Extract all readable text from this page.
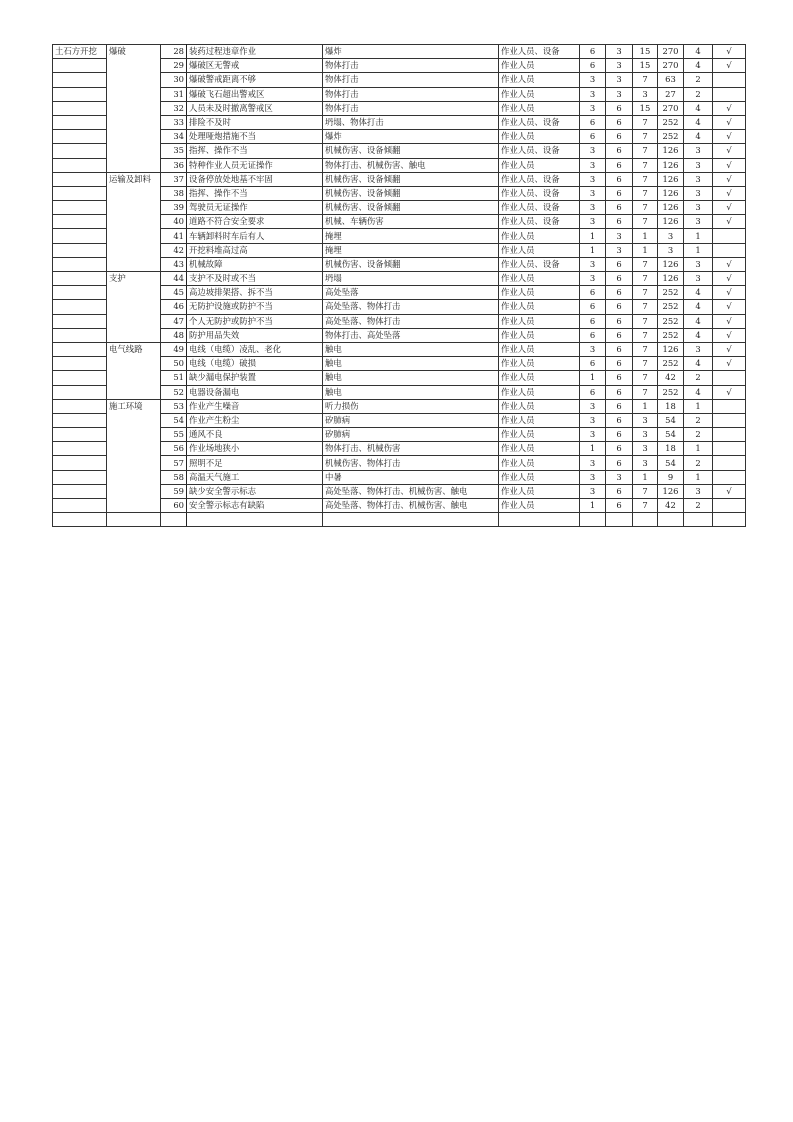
土石方开挖	爆破	28	装药过程违章作业	爆炸	作业人员、设备	6	3	15	270	4	√
		29	爆破区无警戒	物体打击	作业人员	6	3	15	270	4	√
		30	爆破警戒距离不够	物体打击	作业人员	3	3	7	63	2	
		31	爆破飞石超出警戒区	物体打击	作业人员	3	3	3	27	2	
		32	人员未及时撤离警戒区	物体打击	作业人员	3	6	15	270	4	√
		33	排险不及时	坍塌、物体打击	作业人员、设备	6	6	7	252	4	√
		34	处理哑炮措施不当	爆炸	作业人员	6	6	7	252	4	√
		35	指挥、操作不当	机械伤害、设备倾翻	作业人员、设备	3	6	7	126	3	√
		36	特种作业人员无证操作	物体打击、机械伤害、触电	作业人员	3	6	7	126	3	√
	运输及卸料	37	设备停放处地基不牢固	机械伤害、设备倾翻	作业人员、设备	3	6	7	126	3	√
		38	指挥、操作不当	机械伤害、设备倾翻	作业人员、设备	3	6	7	126	3	√
		39	驾驶员无证操作	机械伤害、设备倾翻	作业人员、设备	3	6	7	126	3	√
		40	道路不符合安全要求	机械、车辆伤害	作业人员、设备	3	6	7	126	3	√
		41	车辆卸料时车后有人	掩埋	作业人员	1	3	1	3	1	
		42	开挖料堆高过高	掩埋	作业人员	1	3	1	3	1	
		43	机械故障	机械伤害、设备倾翻	作业人员、设备	3	6	7	126	3	√
	支护	44	支护不及时或不当	坍塌	作业人员	3	6	7	126	3	√
		45	高边坡排架搭、拆不当	高处坠落	作业人员	6	6	7	252	4	√
		46	无防护设施或防护不当	高处坠落、物体打击	作业人员	6	6	7	252	4	√
		47	个人无防护或防护不当	高处坠落、物体打击	作业人员	6	6	7	252	4	√
		48	防护用品失效	物体打击、高处坠落	作业人员	6	6	7	252	4	√
	电气线路	49	电线（电缆）凌乱、老化	触电	作业人员	3	6	7	126	3	√
		50	电线（电缆）破损	触电	作业人员	6	6	7	252	4	√
		51	缺少漏电保护装置	触电	作业人员	1	6	7	42	2	
		52	电器设备漏电	触电	作业人员	6	6	7	252	4	√
	施工环境	53	作业产生噪音	听力损伤	作业人员	3	6	1	18	1	
		54	作业产生粉尘	矽肺病	作业人员	3	6	3	54	2	
		55	通风不良	矽肺病	作业人员	3	6	3	54	2	
		56	作业场地狭小	物体打击、机械伤害	作业人员	1	6	3	18	1	
		57	照明不足	机械伤害、物体打击	作业人员	3	6	3	54	2	
		58	高温天气施工	中暑	作业人员	3	3	1	9	1	
		59	缺少安全警示标志	高处坠落、物体打击、机械伤害、触电	作业人员	3	6	7	126	3	√
		60	安全警示标志有缺陷	高处坠落、物体打击、机械伤害、触电	作业人员	1	6	7	42	2	
